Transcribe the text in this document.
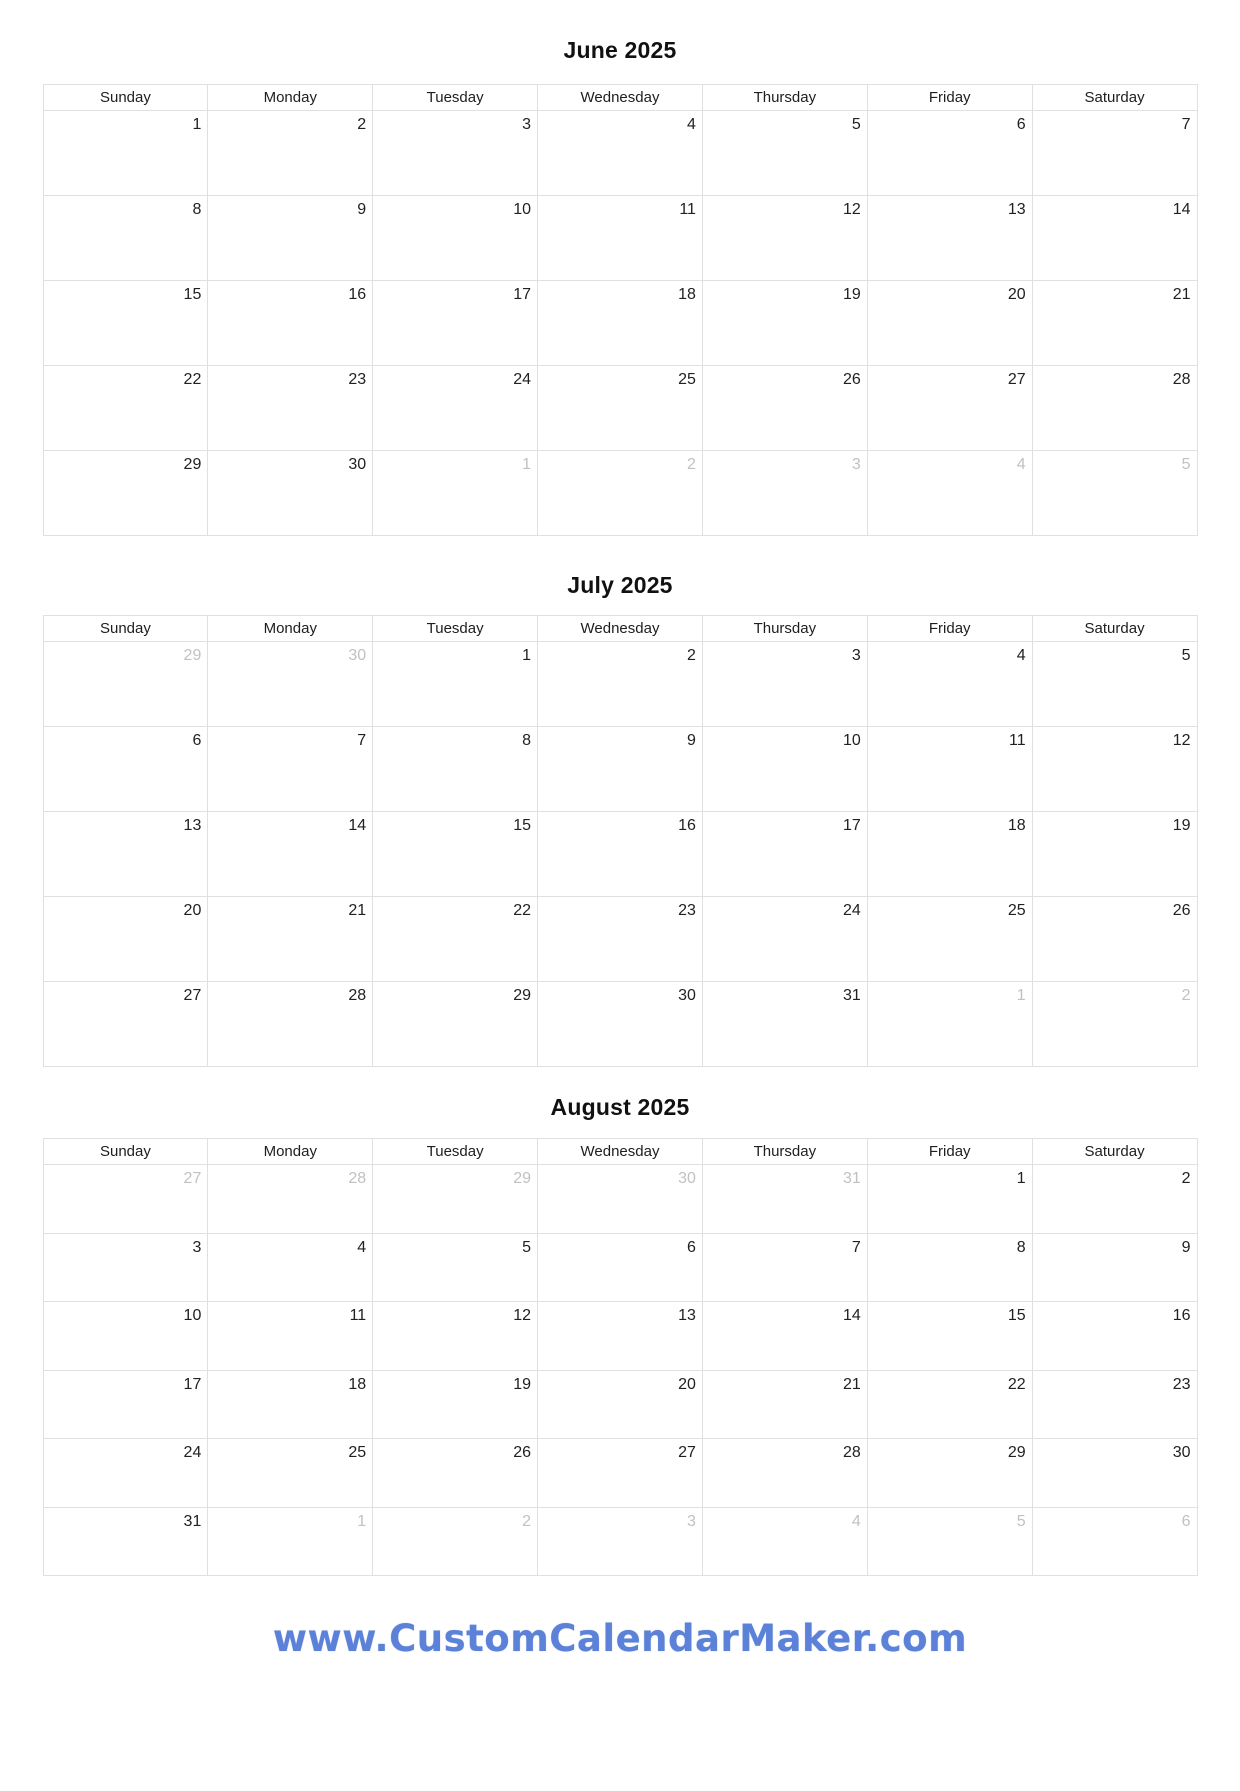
June 2025
Sunday	Monday	Tuesday	Wednesday	Thursday	Friday	Saturday
1	2	3	4	5	6	7
8	9	10	11	12	13	14
15	16	17	18	19	20	21
22	23	24	25	26	27	28
29	30	1	2	3	4	5
July 2025
Sunday	Monday	Tuesday	Wednesday	Thursday	Friday	Saturday
29	30	1	2	3	4	5
6	7	8	9	10	11	12
13	14	15	16	17	18	19
20	21	22	23	24	25	26
27	28	29	30	31	1	2
August 2025
Sunday	Monday	Tuesday	Wednesday	Thursday	Friday	Saturday
27	28	29	30	31	1	2
3	4	5	6	7	8	9
10	11	12	13	14	15	16
17	18	19	20	21	22	23
24	25	26	27	28	29	30
31	1	2	3	4	5	6
www.CustomCalendarMaker.com
